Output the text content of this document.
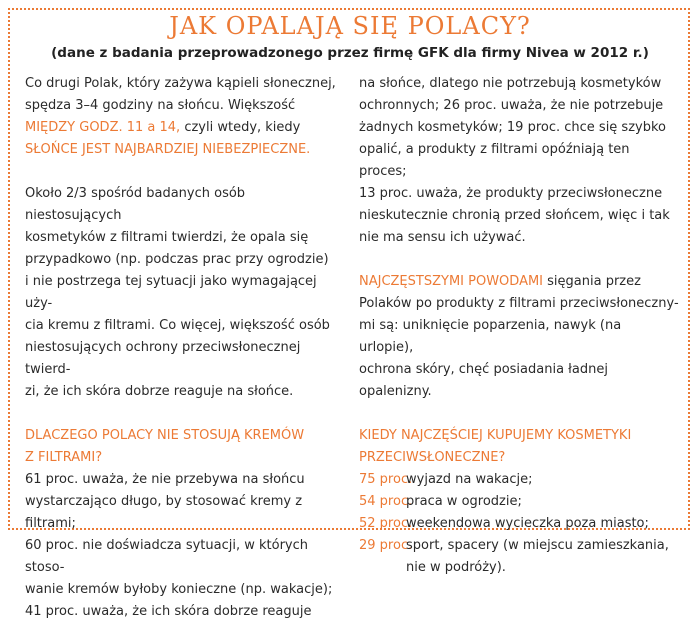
JAK OPALAJĄ SIĘ POLACY?
(dane z badania przeprowadzonego przez firmę GFK dla firmy Nivea w 2012 r.)
Co drugi Polak, który zażywa kąpieli słonecznej,
spędza 3–4 godziny na słońcu. Większość
MIĘDZY GODZ. 11 a 14, czyli wtedy, kiedy
SŁOŃCE JEST NAJBARDZIEJ NIEBEZPIECZNE.
Około 2/3 spośród badanych osób niestosujących
kosmetyków z filtrami twierdzi, że opala się
przypadkowo (np. podczas prac przy ogrodzie)
i nie postrzega tej sytuacji jako wymagającej uży-
cia kremu z filtrami. Co więcej, większość osób
niestosujących ochrony przeciwsłonecznej twierd-
zi, że ich skóra dobrze reaguje na słońce.
DLACZEGO POLACY NIE STOSUJĄ KREMÓW
Z FILTRAMI?
61 proc. uważa, że nie przebywa na słońcu
wystarczająco długo, by stosować kremy z filtrami;
60 proc. nie doświadcza sytuacji, w których stoso-
wanie kremów byłoby konieczne (np. wakacje);
41 proc. uważa, że ich skóra dobrze reaguje
na słońce, dlatego nie potrzebują kosmetyków
ochronnych; 26 proc. uważa, że nie potrzebuje
żadnych kosmetyków; 19 proc. chce się szybko
opalić, a produkty z filtrami opóźniają ten proces;
13 proc. uważa, że produkty przeciwsłoneczne
nieskutecznie chronią przed słońcem, więc i tak
nie ma sensu ich używać.
NAJCZĘSTSZYMI POWODAMI sięgania przez
Polaków po produkty z filtrami przeciwsłoneczny-
mi są: uniknięcie poparzenia, nawyk (na urlopie),
ochrona skóry, chęć posiadania ładnej opalenizny.
KIEDY NAJCZĘŚCIEJ KUPUJEMY KOSMETYKI
PRZECIWSŁONECZNE?
75 proc.
wyjazd na wakacje;
54 proc.
praca w ogrodzie;
52 proc.
weekendowa wycieczka poza miasto;
29 proc.
sport, spacery (w miejscu zamieszkania,
nie w podróży).
